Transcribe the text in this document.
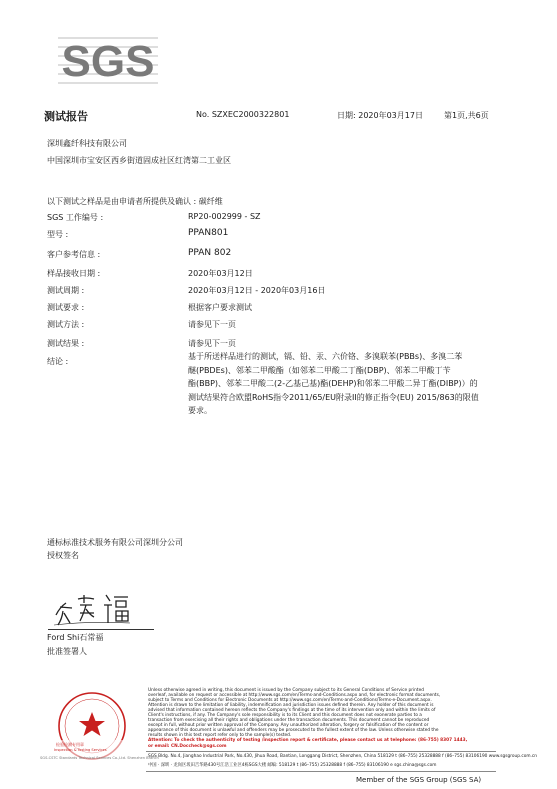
SGS
测试报告	No. SZXEC2000322801	日期: 2020年03月17日	第1页,共6页
深圳鑫纤科技有限公司
中国深圳市宝安区西乡街道固成社区红湾第二工业区
以下测试之样品是由申请者所提供及确认 : 碳纤维
SGS 工作编号 :	RP20-002999 - SZ
型号 :	PPAN801
客户参考信息 :	PPAN 802
样品接收日期 :	2020年03月12日
测试周期 :	2020年03月12日 - 2020年03月16日
测试要求 :	根据客户要求测试
测试方法 :	请参见下一页
测试结果 :	请参见下一页
结论 :
基于所送样品进行的测试，镉、铅、汞、六价铬、多溴联苯(PBBs)、多溴二苯
醚(PBDEs)、邻苯二甲酸酯（如邻苯二甲酸二丁酯(DBP)、邻苯二甲酸丁苄
酯(BBP)、邻苯二甲酸二(2-乙基己基)酯(DEHP)和邻苯二甲酸二异丁酯(DIBP)）的
测试结果符合欧盟RoHS指令2011/65/EU附录II的修正指令(EU) 2015/863的限值
要求。
通标标准技术服务有限公司深圳分公司
授权签名
Ford Shi石常福
批准签署人
检验检测专用章
Inspection & Testing Services
SGS-CSTC Standards Technical Services Co.,Ltd. Shenzhen Branch
Unless otherwise agreed in writing, this document is issued by the Company subject to its General Conditions of Service printed
overleaf, available on request or accessible at http://www.sgs.com/en/Terms-and-Conditions.aspx and, for electronic format documents,
subject to Terms and Conditions for Electronic Documents at http://www.sgs.com/en/Terms-and-Conditions/Terms-e-Document.aspx.
Attention is drawn to the limitation of liability, indemnification and jurisdiction issues defined therein. Any holder of this document is
advised that information contained hereon reflects the Company's findings at the time of its intervention only and within the limits of
Client's instructions, if any. The Company's sole responsibility is to its Client and this document does not exonerate parties to a
transaction from exercising all their rights and obligations under the transaction documents. This document cannot be reproduced
except in full, without prior written approval of the Company. Any unauthorized alteration, forgery or falsification of the content or
appearance of this document is unlawful and offenders may be prosecuted to the fullest extent of the law. Unless otherwise stated the
results shown in this test report refer only to the sample(s) tested.
Attention: To check the authenticity of testing /inspection report & certificate, please contact us at telephone: (86-755) 8307 1443,
or email: CN.Doccheck@sgs.com
SGS Bldg. No.4, Jianghao Industrial Park, No.430, Jihua Road, Bantian, Longgang District, Shenzhen, China 518129 t (86–755) 25328888 f (86–755) 83106190 www.sgsgroup.com.cn
中国 · 深圳 · 龙岗区坂田吉华路430号江浩工业区4栋SGS大楼 邮编: 518129 t (86–755) 25328888 f (86–755) 83106190 e sgs.china@sgs.com
Member of the SGS Group (SGS SA)
